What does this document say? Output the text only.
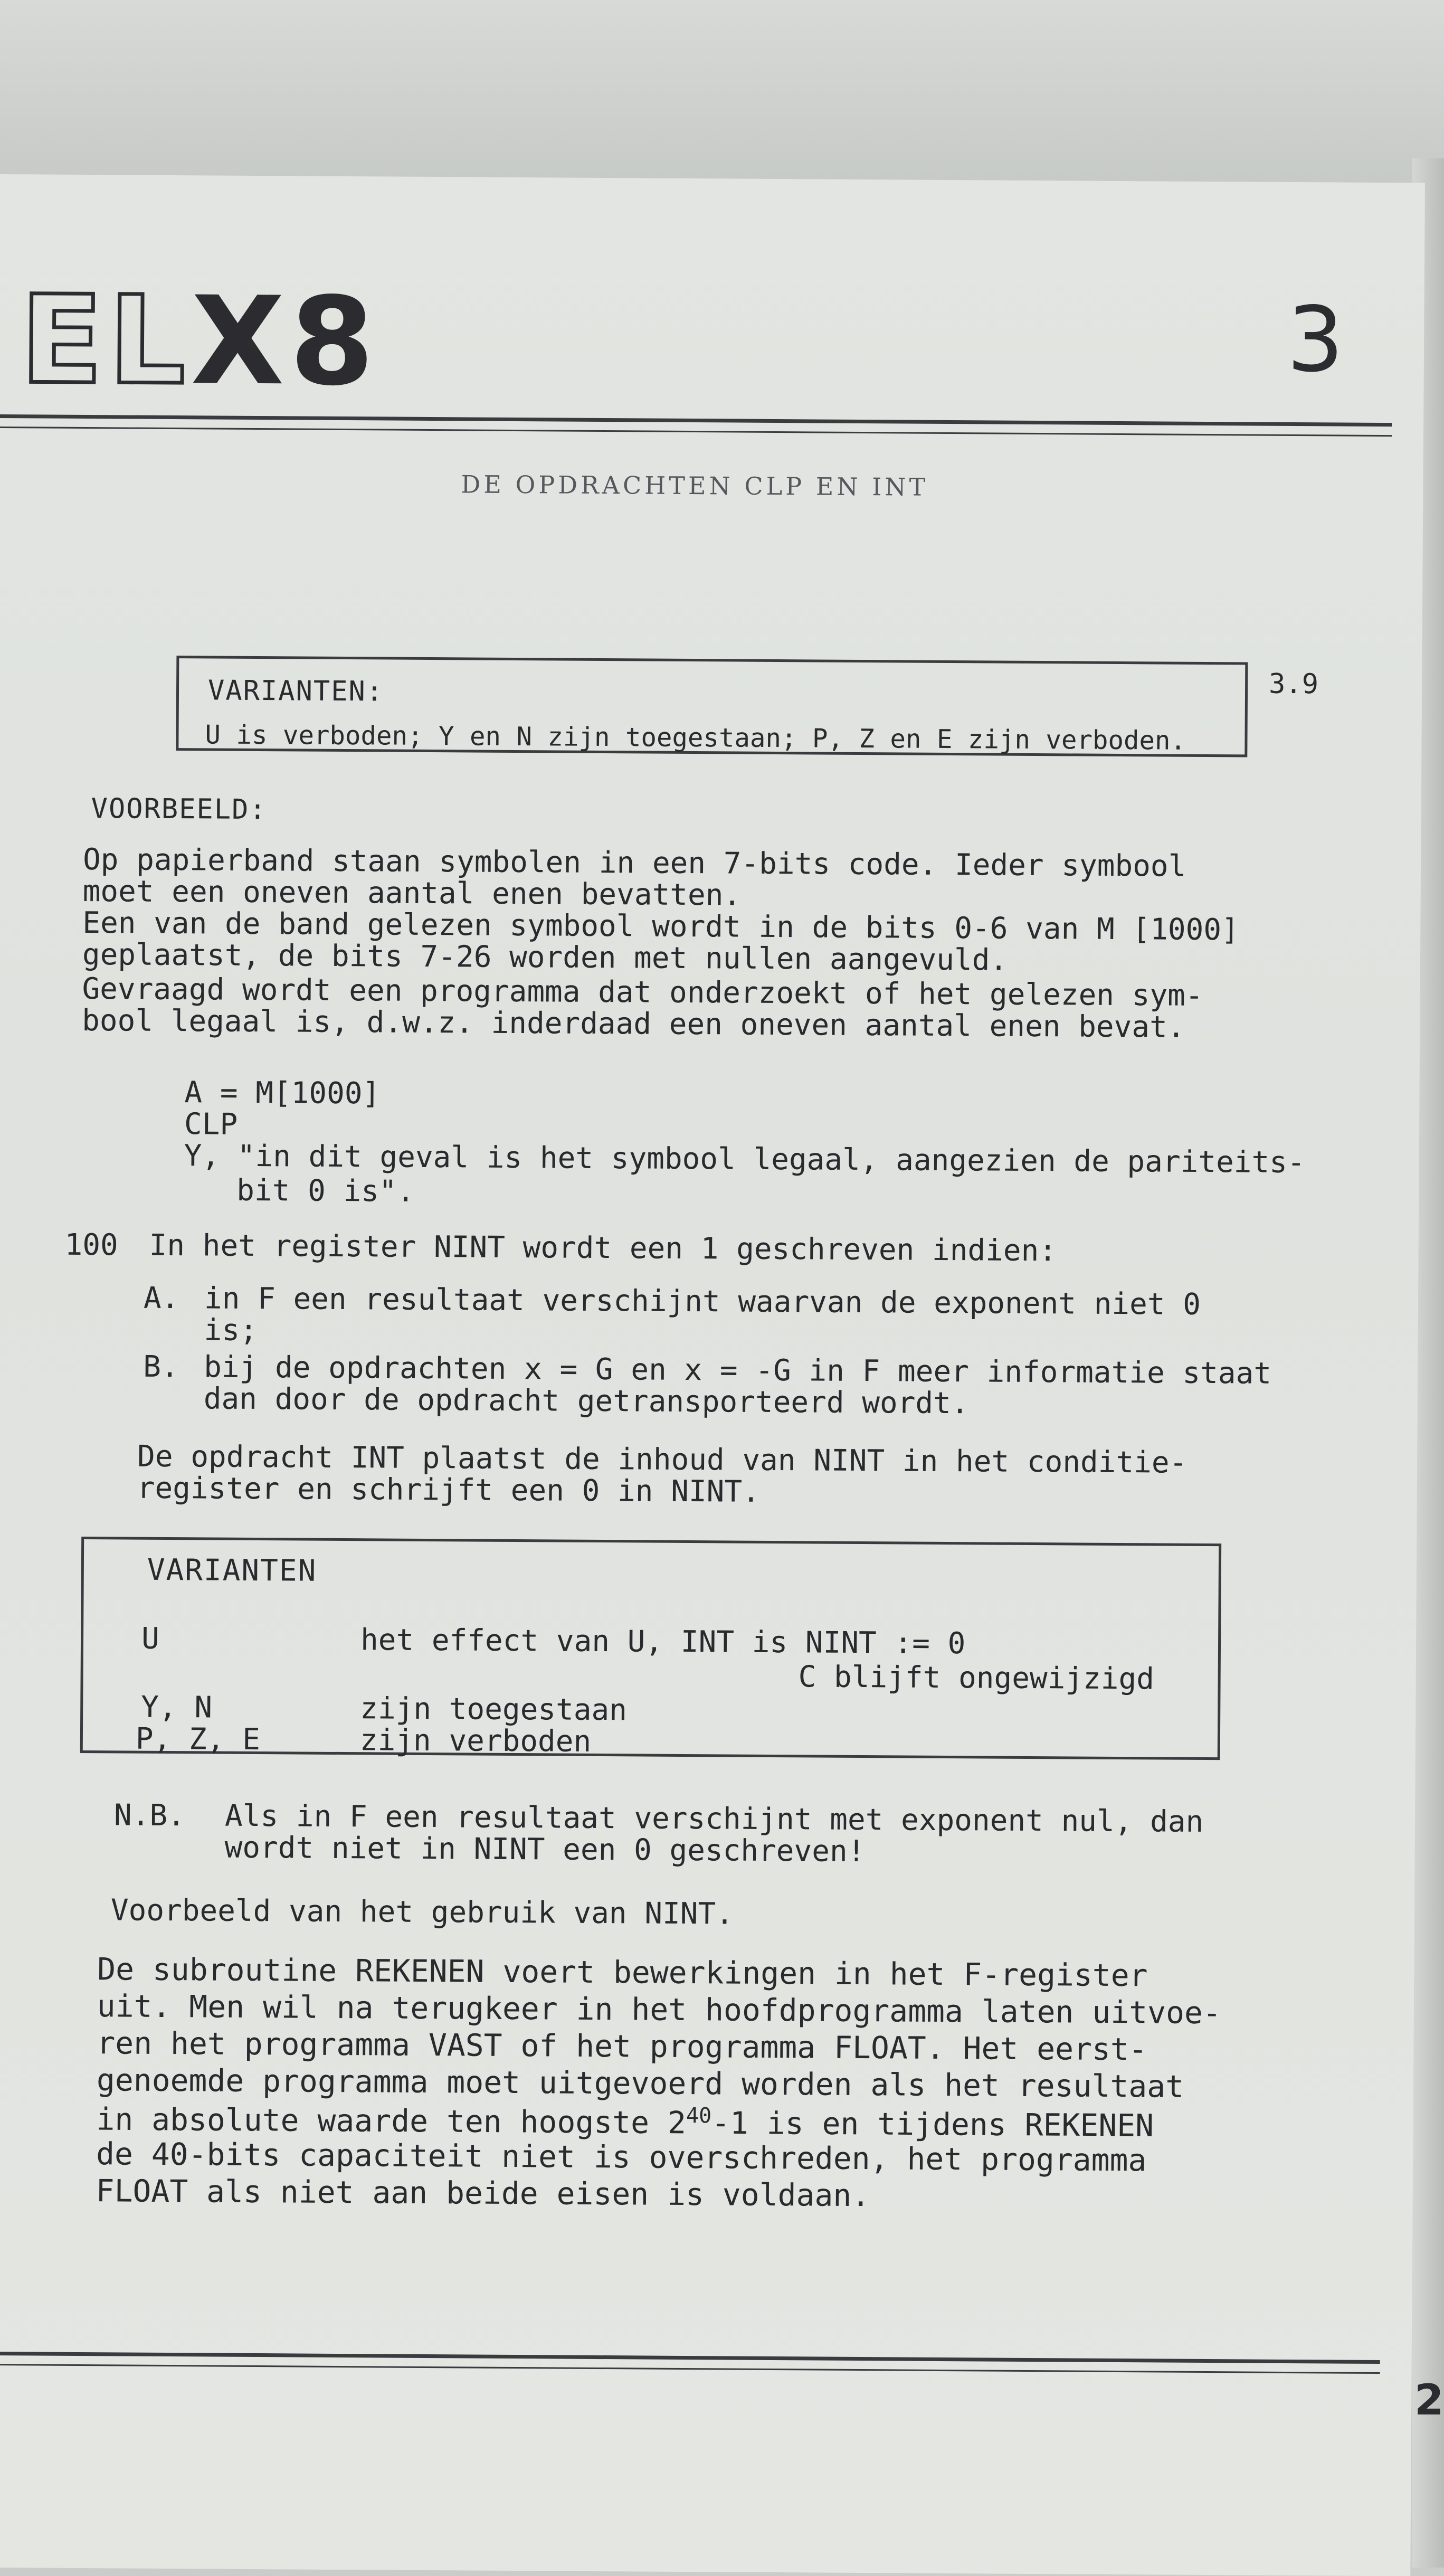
ELX8	3
DE OPDRACHTEN CLP EN INT
VARIANTEN:
U is verboden; Y en N zijn toegestaan; P, Z en E zijn verboden.
3.9
VOORBEELD:
Op papierband staan symbolen in een 7-bits code. Ieder symbool
moet een oneven aantal enen bevatten.
Een van de band gelezen symbool wordt in de bits 0-6 van M [1000]
geplaatst, de bits 7-26 worden met nullen aangevuld.
Gevraagd wordt een programma dat onderzoekt of het gelezen sym-
bool legaal is, d.w.z. inderdaad een oneven aantal enen bevat.
A = M[1000]
CLP
Y, "in dit geval is het symbool legaal, aangezien de pariteits-
bit 0 is".
100 In het register NINT wordt een 1 geschreven indien:
A. in F een resultaat verschijnt waarvan de exponent niet 0
is;
B. bij de opdrachten x = G en x = -G in F meer informatie staat
dan door de opdracht getransporteerd wordt.
De opdracht INT plaatst de inhoud van NINT in het conditie-
register en schrijft een 0 in NINT.
VARIANTEN
U	het effect van U, INT is NINT := 0
C blijft ongewijzigd
Y, N	zijn toegestaan
P, Z, E	zijn verboden
N.B. Als in F een resultaat verschijnt met exponent nul, dan
wordt niet in NINT een 0 geschreven!
Voorbeeld van het gebruik van NINT.
De subroutine REKENEN voert bewerkingen in het F-register
uit. Men wil na terugkeer in het hoofdprogramma laten uitvoe-
ren het programma VAST of het programma FLOAT. Het eerst-
genoemde programma moet uitgevoerd worden als het resultaat
in absolute waarde ten hoogste $2^{40}-1$ is en tijdens REKENEN
de 40-bits capaciteit niet is overschreden, het programma
FLOAT als niet aan beide eisen is voldaan.
2
